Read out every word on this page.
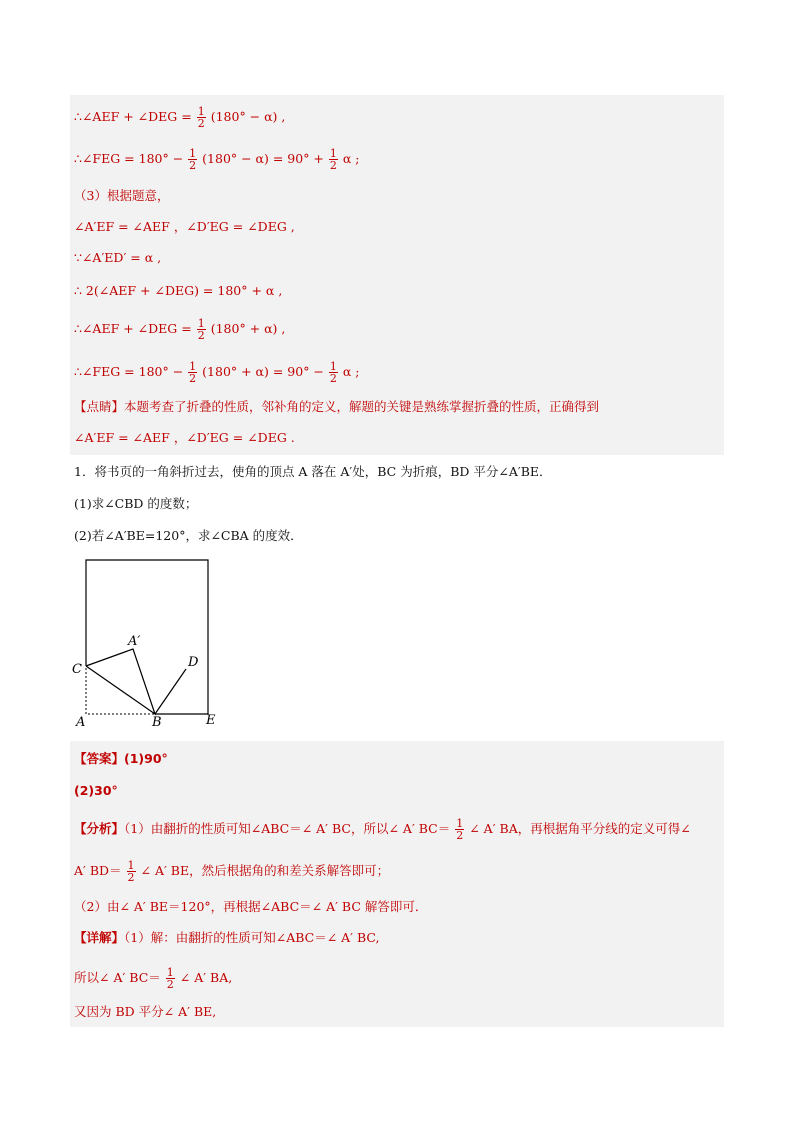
∴∠AEF + ∠DEG = $\frac{1}{2} (180^\circ - \alpha)$ ,
∴∠FEG = $180^\circ - \frac{1}{2} (180^\circ - \alpha) = 90^\circ + \frac{1}{2}$ α ;
（3）根据题意，
∠A′EF = ∠AEF ，∠D′EG = ∠DEG ,
∵∠A′ED′ = α ,
∴ 2(∠AEF + ∠DEG) = 180° + α ,
∴∠AEF + ∠DEG = $\frac{1}{2} (180^\circ + \alpha)$ ,
∴∠FEG = $180^\circ - \frac{1}{2} (180^\circ + \alpha) = 90^\circ - \frac{1}{2}$ α ;
【点睛】本题考查了折叠的性质，邻补角的定义，解题的关键是熟练掌握折叠的性质，正确得到
∠A′EF = ∠AEF ，∠D′EG = ∠DEG .
1．将书页的一角斜折过去，使角的顶点 A 落在 A′处，BC 为折痕，BD 平分∠A′BE．
(1)求∠CBD 的度数；
(2)若∠A′BE=120°，求∠CBA 的度效．
A′
C	D
A	B	E
【答案】(1)90°
(2)30°
【分析】（1）由翻折的性质可知∠ABC＝∠ A′ BC，所以∠ A′ $BC= \frac{1}{2}$ ∠ A′ BA，再根据角平分线的定义可得∠
A′ $BD= \frac{1}{2}$ ∠ A′ BE，然后根据角的和差关系解答即可；
（2）由∠ A′ BE＝120°，再根据∠ABC＝∠ A′ BC 解答即可．
【详解】（1）解：由翻折的性质可知∠ABC＝∠ A′ BC,
所以∠ A′ $BC= \frac{1}{2}$ ∠ A′ BA,
又因为 BD 平分∠ A′ BE,
